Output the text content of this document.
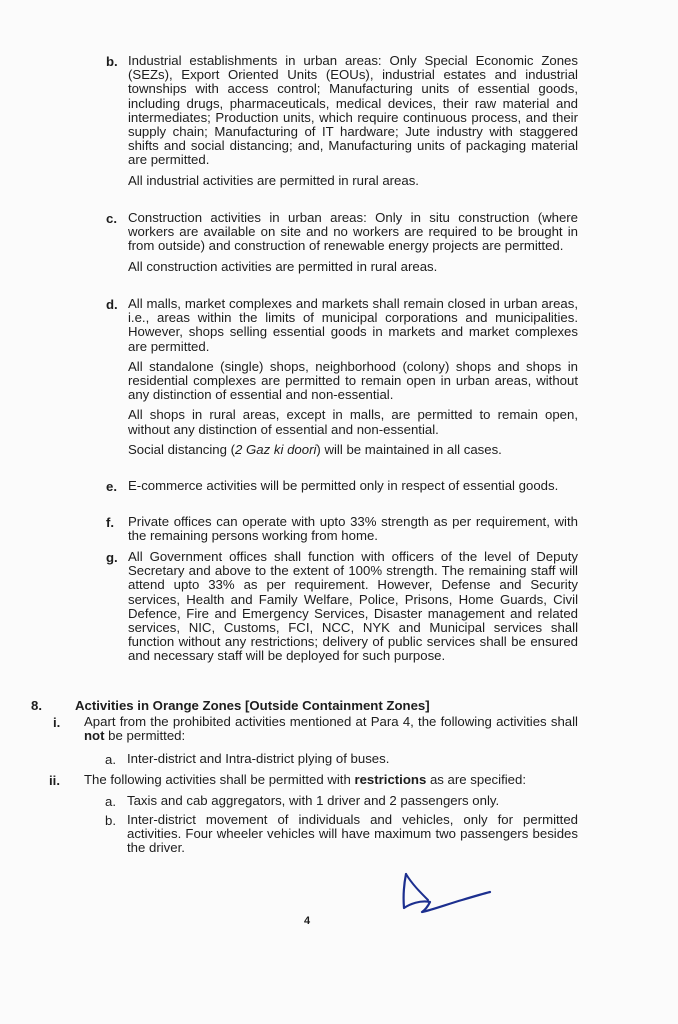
b. Industrial establishments in urban areas: Only Special Economic Zones (SEZs), Export Oriented Units (EOUs), industrial estates and industrial townships with access control; Manufacturing units of essential goods, including drugs, pharmaceuticals, medical devices, their raw material and intermediates; Production units, which require continuous process, and their supply chain; Manufacturing of IT hardware; Jute industry with staggered shifts and social distancing; and, Manufacturing units of packaging material are permitted.
All industrial activities are permitted in rural areas.
c. Construction activities in urban areas: Only in situ construction (where workers are available on site and no workers are required to be brought in from outside) and construction of renewable energy projects are permitted.
All construction activities are permitted in rural areas.
d. All malls, market complexes and markets shall remain closed in urban areas, i.e., areas within the limits of municipal corporations and municipalities. However, shops selling essential goods in markets and market complexes are permitted.
All standalone (single) shops, neighborhood (colony) shops and shops in residential complexes are permitted to remain open in urban areas, without any distinction of essential and non-essential.
All shops in rural areas, except in malls, are permitted to remain open, without any distinction of essential and non-essential.
Social distancing (2 Gaz ki doori) will be maintained in all cases.
e. E-commerce activities will be permitted only in respect of essential goods.
f. Private offices can operate with upto 33% strength as per requirement, with the remaining persons working from home.
g. All Government offices shall function with officers of the level of Deputy Secretary and above to the extent of 100% strength. The remaining staff will attend upto 33% as per requirement. However, Defense and Security services, Health and Family Welfare, Police, Prisons, Home Guards, Civil Defence, Fire and Emergency Services, Disaster management and related services, NIC, Customs, FCI, NCC, NYK and Municipal services shall function without any restrictions; delivery of public services shall be ensured and necessary staff will be deployed for such purpose.
8.	Activities in Orange Zones [Outside Containment Zones]
i. Apart from the prohibited activities mentioned at Para 4, the following activities shall not be permitted:
a. Inter-district and Intra-district plying of buses.
ii. The following activities shall be permitted with restrictions as are specified:
a. Taxis and cab aggregators, with 1 driver and 2 passengers only.
b. Inter-district movement of individuals and vehicles, only for permitted activities. Four wheeler vehicles will have maximum two passengers besides the driver.
4
